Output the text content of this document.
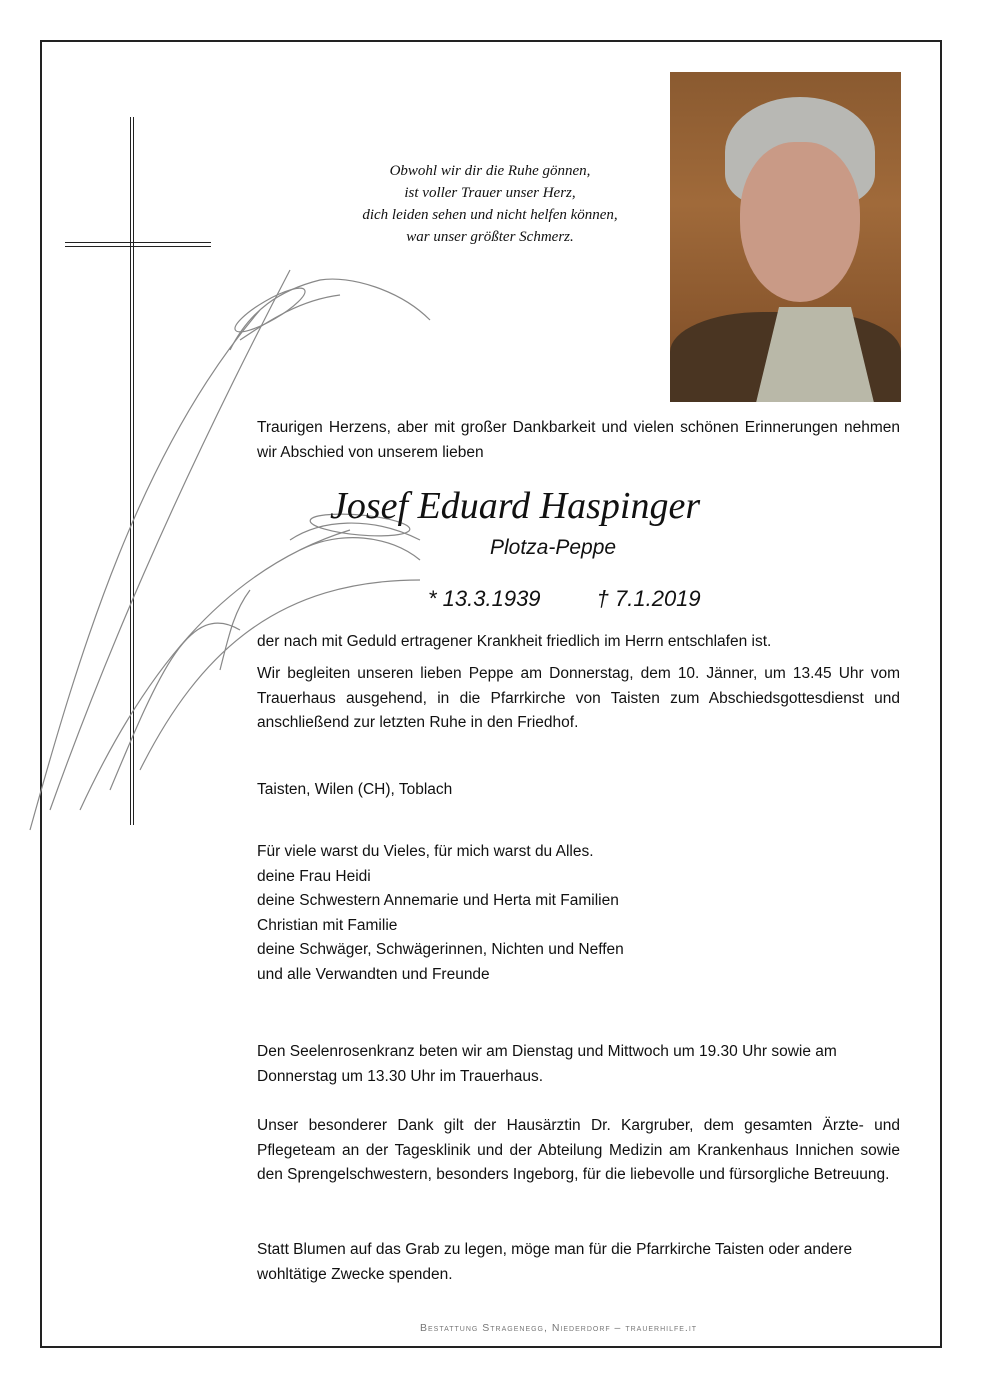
Obwohl wir dir die Ruhe gönnen,

ist voller Trauer unser Herz,

dich leiden sehen und nicht helfen können,

war unser größter Schmerz.

Traurigen Herzens, aber mit großer Dankbarkeit und vielen schönen Erinnerungen nehmen wir Abschied von unserem lieben

Josef Eduard Haspinger
Plotza-Peppe
* 13.3.1939	† 7.1.2019

der nach mit Geduld ertragener Krankheit friedlich im Herrn entschlafen ist.

Wir begleiten unseren lieben Peppe am Donnerstag, dem 10. Jänner, um 13.45 Uhr vom Trauerhaus ausgehend, in die Pfarrkirche von Taisten zum Abschiedsgottesdienst und anschließend zur letzten Ruhe in den Friedhof.

Taisten, Wilen (CH), Toblach

Für viele warst du Vieles, für mich warst du Alles.

deine Frau Heidi

deine Schwestern Annemarie und Herta mit Familien

Christian mit Familie

deine Schwäger, Schwägerinnen, Nichten und Neffen

und alle Verwandten und Freunde

Den Seelenrosenkranz beten wir am Dienstag und Mittwoch um 19.30 Uhr sowie am Donnerstag um 13.30 Uhr im Trauerhaus.

Unser besonderer Dank gilt der Hausärztin Dr. Kargruber, dem gesamten Ärzte- und Pflegeteam an der Tagesklinik und der Abteilung Medizin am Krankenhaus Innichen sowie den Sprengelschwestern, besonders Ingeborg, für die liebevolle und fürsorgliche Betreuung.

Statt Blumen auf das Grab zu legen, möge man für die Pfarrkirche Taisten oder andere wohltätige Zwecke spenden.

Bestattung Stragenegg, Niederdorf – trauerhilfe.it
